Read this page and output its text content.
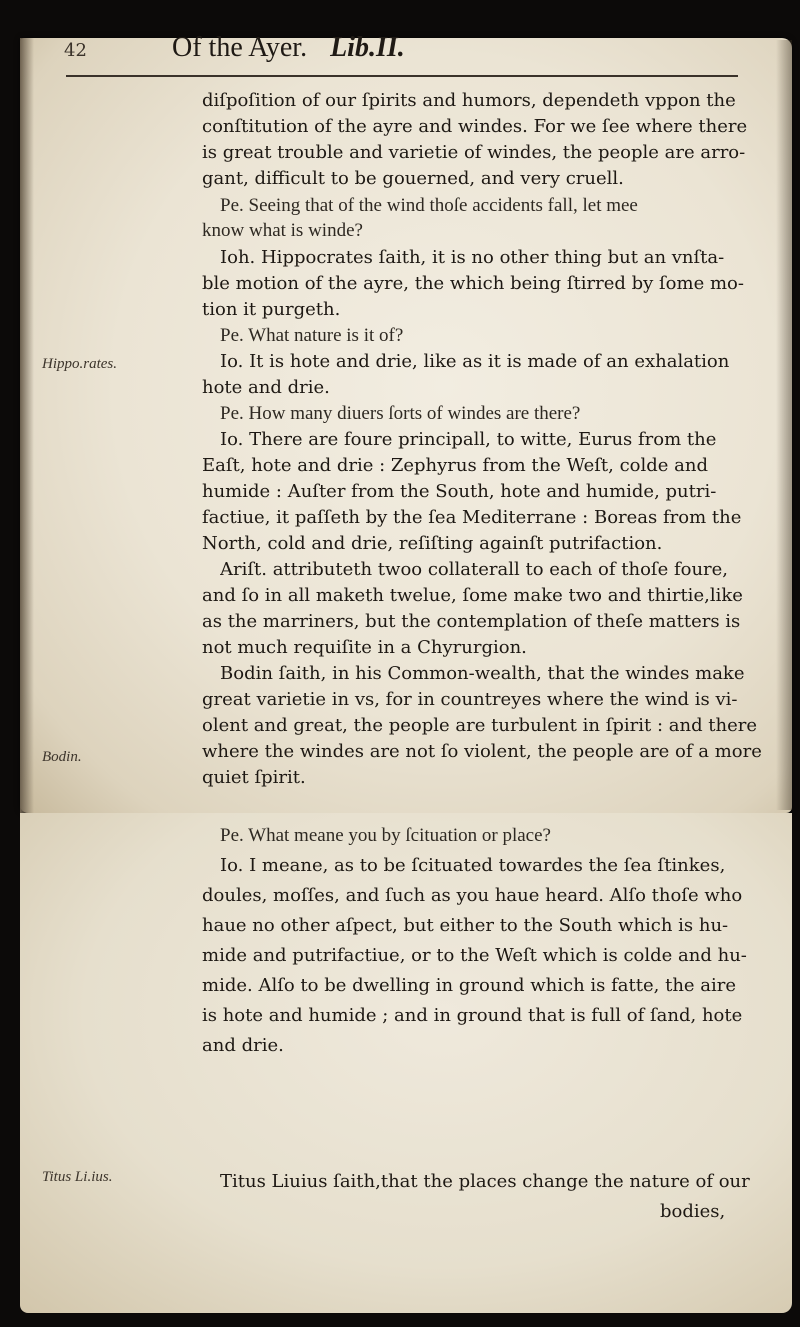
42	Of the Ayer. Lib.II.
Hippo.rates.
Bodin.
diſpoſition of our ſpirits and humors, dependeth vppon the
conſtitution of the ayre and windes. For we ſee where there
is great trouble and varietie of windes, the people are arro-
gant, difficult to be gouerned, and very cruell.
Pe. Seeing that of the wind thoſe accidents fall, let mee
know what is winde?
Ioh. Hippocrates ſaith, it is no other thing but an vnſta-
ble motion of the ayre, the which being ſtirred by ſome mo-
tion it purgeth.
Pe. What nature is it of?
Io. It is hote and drie, like as it is made of an exhalation
hote and drie.
Pe. How many diuers ſorts of windes are there?
Io. There are foure principall, to witte, Eurus from the
Eaſt, hote and drie : Zephyrus from the Weſt, colde and
humide : Auſter from the South, hote and humide, putri-
factiue, it paſſeth by the ſea Mediterrane : Boreas from the
North, cold and drie, reſiſting againſt putrifaction.
Ariſt. attributeth twoo collaterall to each of thoſe foure,
and ſo in all maketh twelue, ſome make two and thirtie,like
as the marriners, but the contemplation of theſe matters is
not much requiſite in a Chyrurgion.
Bodin ſaith, in his Common-wealth, that the windes make
great varietie in vs, for in countreyes where the wind is vi-
olent and great, the people are turbulent in ſpirit : and there
where the windes are not ſo violent, the people are of a more
quiet ſpirit.
Titus Li.ius.
Pe. What meane you by ſcituation or place?
Io. I meane, as to be ſcituated towardes the ſea ſtinkes,
doules, moſſes, and ſuch as you haue heard. Alſo thoſe who
haue no other aſpect, but either to the South which is hu-
mide and putrifactiue, or to the Weſt which is colde and hu-
mide. Alſo to be dwelling in ground which is fatte, the aire
is hote and humide ; and in ground that is full of ſand, hote
and drie.
Titus Liuius ſaith,that the places change the nature of our
bodies,
